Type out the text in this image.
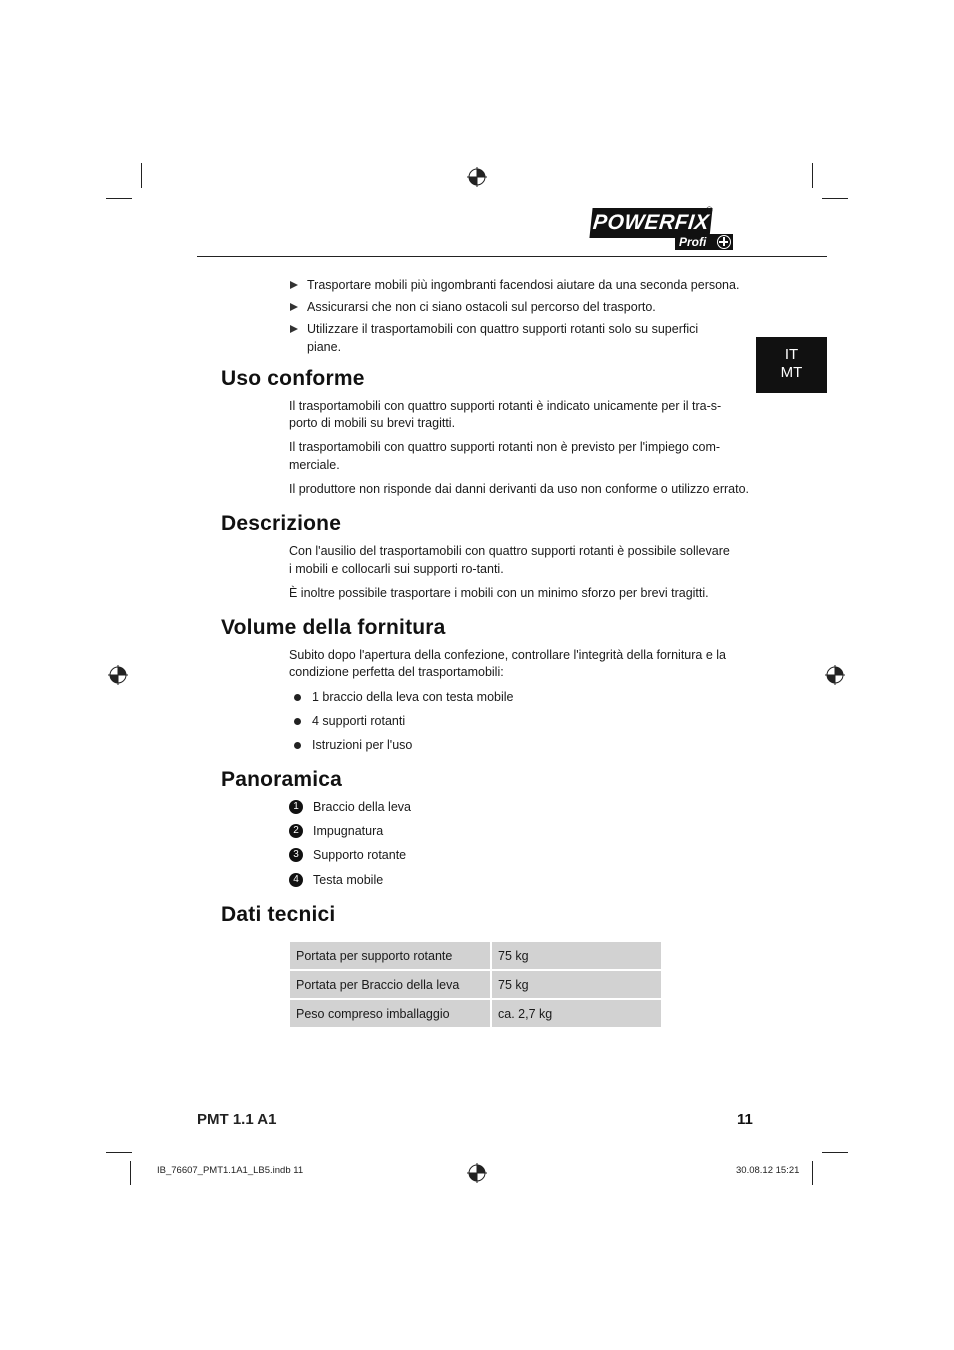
POWERFIX
®
Profi
IT
MT
Trasportare mobili più ingombranti facendosi aiutare da una seconda persona.
Assicurarsi che non ci siano ostacoli sul percorso del trasporto.
Utilizzare il trasportamobili con quattro supporti rotanti solo su superfici
piane.
Uso conforme
Il trasportamobili con quattro supporti rotanti è indicato unicamente per il tra-s-
porto di mobili su brevi tragitti.
Il trasportamobili con quattro supporti rotanti non è previsto per l'impiego com-
merciale.
Il produttore non risponde dai danni derivanti da uso non conforme o utilizzo errato.
Descrizione
Con l'ausilio del trasportamobili con quattro supporti rotanti è possibile sollevare
i mobili e collocarli sui supporti ro-tanti.
È inoltre possibile trasportare i mobili con un minimo sforzo per brevi tragitti.
Volume della fornitura
Subito dopo l'apertura della confezione, controllare l'integrità della fornitura e la
condizione perfetta del trasportamobili:
1 braccio della leva con testa mobile
4 supporti rotanti
Istruzioni per l'uso
Panoramica
1	Braccio della leva
2	Impugnatura
3	Supporto rotante
4	Testa mobile
Dati tecnici
Portata per supporto rotante	75 kg
Portata per Braccio della leva	75 kg
Peso compreso imballaggio	ca. 2,7 kg
PMT 1.1 A1	11
IB_76607_PMT1.1A1_LB5.indb 11	30.08.12 15:21
